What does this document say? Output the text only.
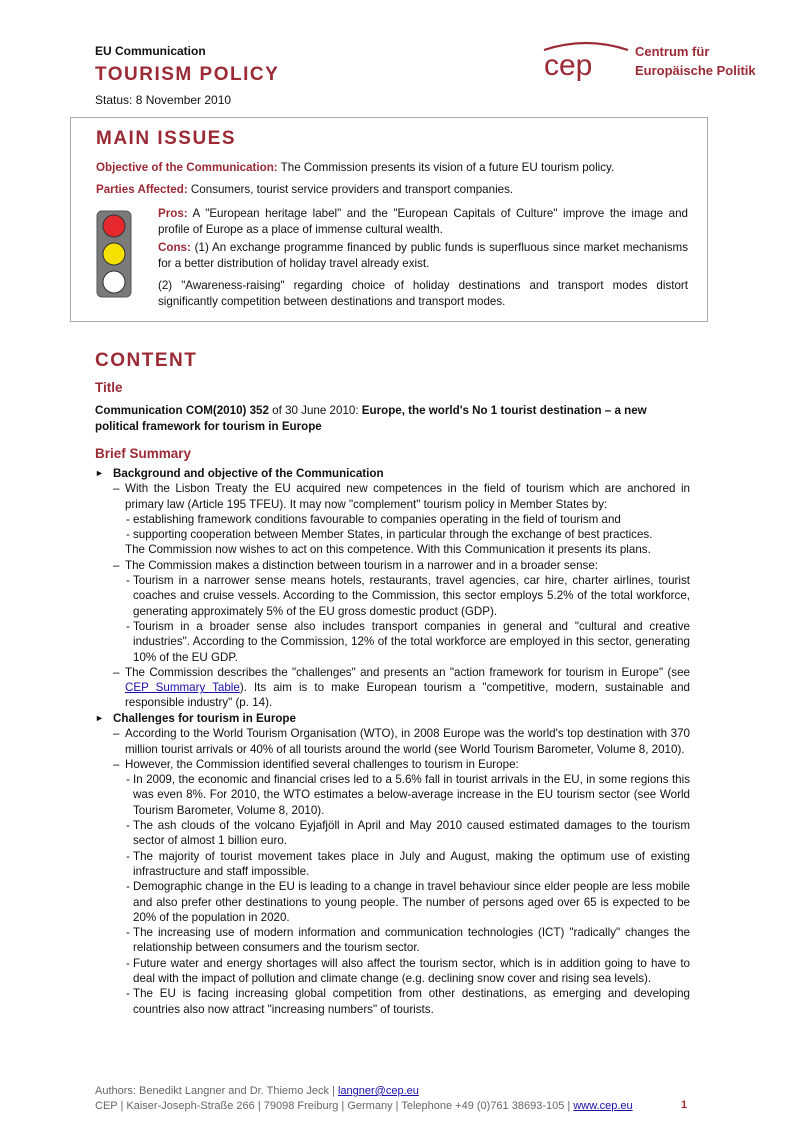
EU Communication
TOURISM POLICY
Status: 8 November 2010
cep	Centrum für
Europäische Politik
MAIN ISSUES
Objective of the Communication: The Commission presents its vision of a future EU tourism policy.
Parties Affected: Consumers, tourist service providers and transport companies.
Pros: A "European heritage label" and the "European Capitals of Culture" improve the image and profile of Europe as a place of immense cultural wealth.
Cons: (1) An exchange programme financed by public funds is superfluous since market mechanisms for a better distribution of holiday travel already exist.
(2) "Awareness-raising" regarding choice of holiday destinations and transport modes distort significantly competition between destinations and transport modes.
CONTENT
Title
Communication COM(2010) 352 of 30 June 2010: Europe, the world's No 1 tourist destination – a new political framework for tourism in Europe
Brief Summary
► Background and objective of the Communication
– With the Lisbon Treaty the EU acquired new competences in the field of tourism which are anchored in primary law (Article 195 TFEU). It may now "complement" tourism policy in Member States by:
- establishing framework conditions favourable to companies operating in the field of tourism and
- supporting cooperation between Member States, in particular through the exchange of best practices.
The Commission now wishes to act on this competence. With this Communication it presents its plans.
– The Commission makes a distinction between tourism in a narrower and in a broader sense:
- Tourism in a narrower sense means hotels, restaurants, travel agencies, car hire, charter airlines, tourist coaches and cruise vessels. According to the Commission, this sector employs 5.2% of the total workforce, generating approximately 5% of the EU gross domestic product (GDP).
- Tourism in a broader sense also includes transport companies in general and "cultural and creative industries". According to the Commission, 12% of the total workforce are employed in this sector, generating 10% of the EU GDP.
– The Commission describes the "challenges" and presents an "action framework for tourism in Europe" (see CEP Summary Table). Its aim is to make European tourism a "competitive, modern, sustainable and responsible industry" (p. 14).
► Challenges for tourism in Europe
– According to the World Tourism Organisation (WTO), in 2008 Europe was the world's top destination with 370 million tourist arrivals or 40% of all tourists around the world (see World Tourism Barometer, Volume 8, 2010).
– However, the Commission identified several challenges to tourism in Europe:
- In 2009, the economic and financial crises led to a 5.6% fall in tourist arrivals in the EU, in some regions this was even 8%. For 2010, the WTO estimates a below-average increase in the EU tourism sector (see World Tourism Barometer, Volume 8, 2010).
- The ash clouds of the volcano Eyjafjöll in April and May 2010 caused estimated damages to the tourism sector of almost 1 billion euro.
- The majority of tourist movement takes place in July and August, making the optimum use of existing infrastructure and staff impossible.
- Demographic change in the EU is leading to a change in travel behaviour since elder people are less mobile and also prefer other destinations to young people. The number of persons aged over 65 is expected to be 20% of the population in 2020.
- The increasing use of modern information and communication technologies (ICT) "radically" changes the relationship between consumers and the tourism sector.
- Future water and energy shortages will also affect the tourism sector, which is in addition going to have to deal with the impact of pollution and climate change (e.g. declining snow cover and rising sea levels).
- The EU is facing increasing global competition from other destinations, as emerging and developing countries also now attract "increasing numbers" of tourists.
Authors: Benedikt Langner and Dr. Thiemo Jeck | langner@cep.eu
CEP | Kaiser-Joseph-Straße 266 | 79098 Freiburg | Germany | Telephone +49 (0)761 38693-105 | www.cep.eu	1
